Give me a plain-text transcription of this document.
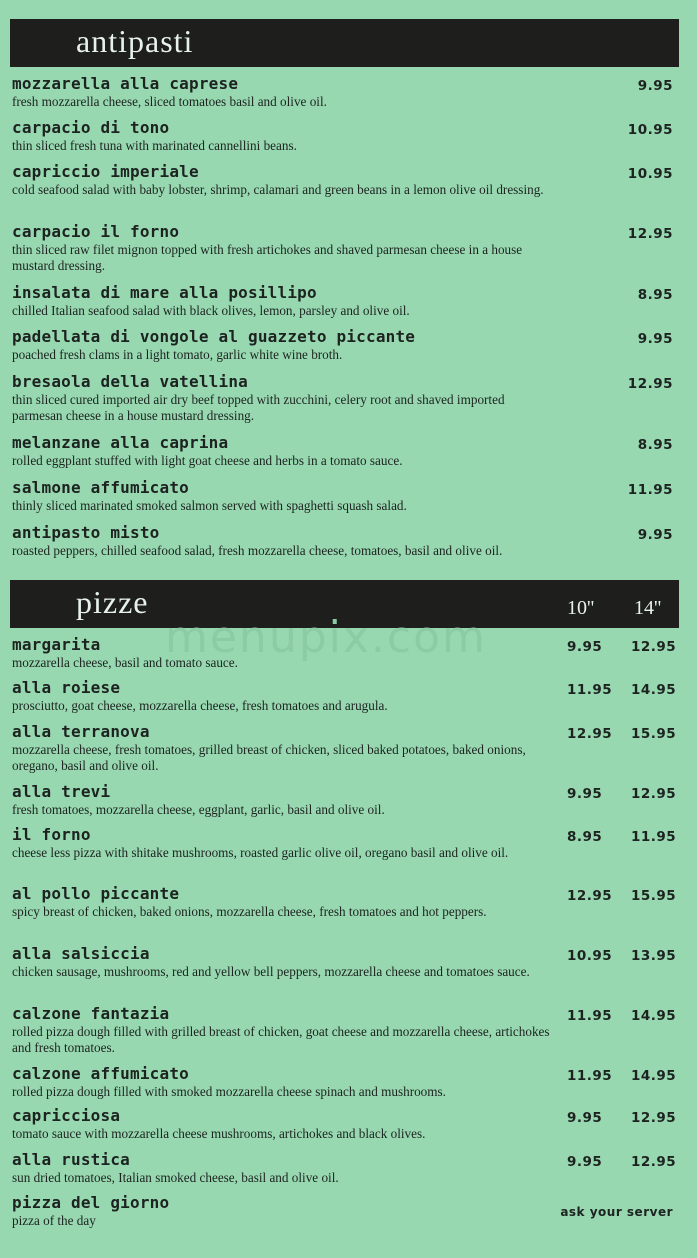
antipasti
mozzarella alla caprese
fresh mozzarella cheese, sliced tomatoes basil and olive oil.
9.95
carpacio di tono
thin sliced fresh tuna with marinated cannellini beans.
10.95
capriccio imperiale
cold seafood salad with baby lobster, shrimp, calamari and green beans in a lemon olive oil dressing.
10.95
carpacio il forno
thin sliced raw filet mignon topped with fresh artichokes and shaved parmesan cheese in a house mustard dressing.
12.95
insalata di mare alla posillipo
chilled Italian seafood salad with black olives, lemon, parsley and olive oil.
8.95
padellata di vongole al guazzeto piccante
poached fresh clams in a light tomato, garlic white wine broth.
9.95
bresaola della vatellina
thin sliced cured imported air dry beef topped with zucchini, celery root and shaved imported parmesan cheese in a house mustard dressing.
12.95
melanzane alla caprina
rolled eggplant stuffed with light goat cheese and herbs in a tomato sauce.
8.95
salmone affumicato
thinly sliced marinated smoked salmon served with spaghetti squash salad.
11.95
antipasto misto
roasted peppers, chilled seafood salad, fresh mozzarella cheese, tomatoes, basil and olive oil.
9.95
pizze	10'' 14''
menupix.com
margarita
mozzarella cheese, basil and tomato sauce.
9.95 12.95
alla roiese
prosciutto, goat cheese, mozzarella cheese, fresh tomatoes and arugula.
11.95 14.95
alla terranova
mozzarella cheese, fresh tomatoes, grilled breast of chicken, sliced baked potatoes, baked onions, oregano, basil and olive oil.
12.95 15.95
alla trevi
fresh tomatoes, mozzarella cheese, eggplant, garlic, basil and olive oil.
9.95 12.95
il forno
cheese less pizza with shitake mushrooms, roasted garlic olive oil, oregano basil and olive oil.
8.95 11.95
al pollo piccante
spicy breast of chicken, baked onions, mozzarella cheese, fresh tomatoes and hot peppers.
12.95 15.95
alla salsiccia
chicken sausage, mushrooms, red and yellow bell peppers, mozzarella cheese and tomatoes sauce.
10.95 13.95
calzone fantazia
rolled pizza dough filled with grilled breast of chicken, goat cheese and mozzarella cheese, artichokes and fresh tomatoes.
11.95 14.95
calzone affumicato
rolled pizza dough filled with smoked mozzarella cheese spinach and mushrooms.
11.95 14.95
capricciosa
tomato sauce with mozzarella cheese mushrooms, artichokes and black olives.
9.95 12.95
alla rustica
sun dried tomatoes, Italian smoked cheese, basil and olive oil.
9.95 12.95
pizza del giorno
pizza of the day
ask your server
